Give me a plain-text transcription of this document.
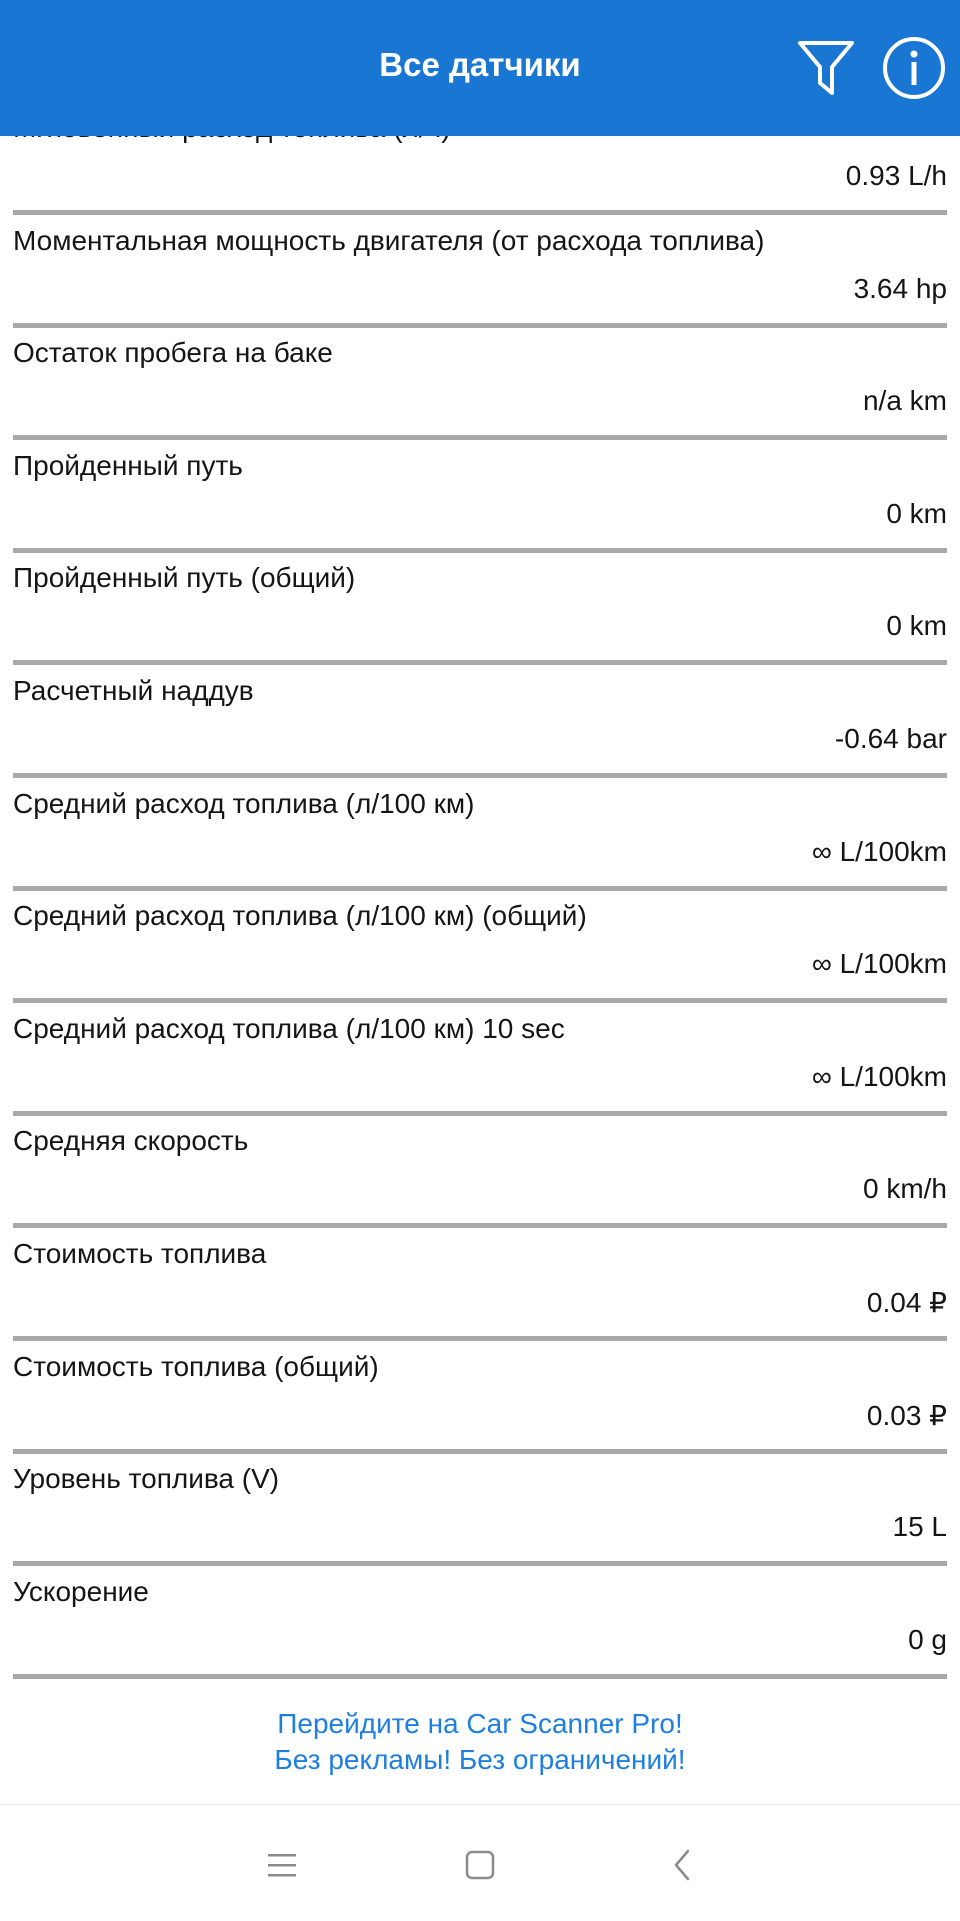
0.93 L/h
Моментальная мощность двигателя (от расхода топлива)
3.64 hp
Остаток пробега на баке
n/a km
Пройденный путь
0 km
Пройденный путь (общий)
0 km
Расчетный наддув
-0.64 bar
Средний расход топлива (л/100 км)
∞ L/100km
Средний расход топлива (л/100 км) (общий)
∞ L/100km
Средний расход топлива (л/100 км) 10 sec
∞ L/100km
Средняя скорость
0 km/h
Стоимость топлива
0.04 ₽
Стоимость топлива (общий)
0.03 ₽
Уровень топлива (V)
15 L
Ускорение
0 g
Все датчики
Перейдите на Car Scanner Pro!
Без рекламы! Без ограничений!
